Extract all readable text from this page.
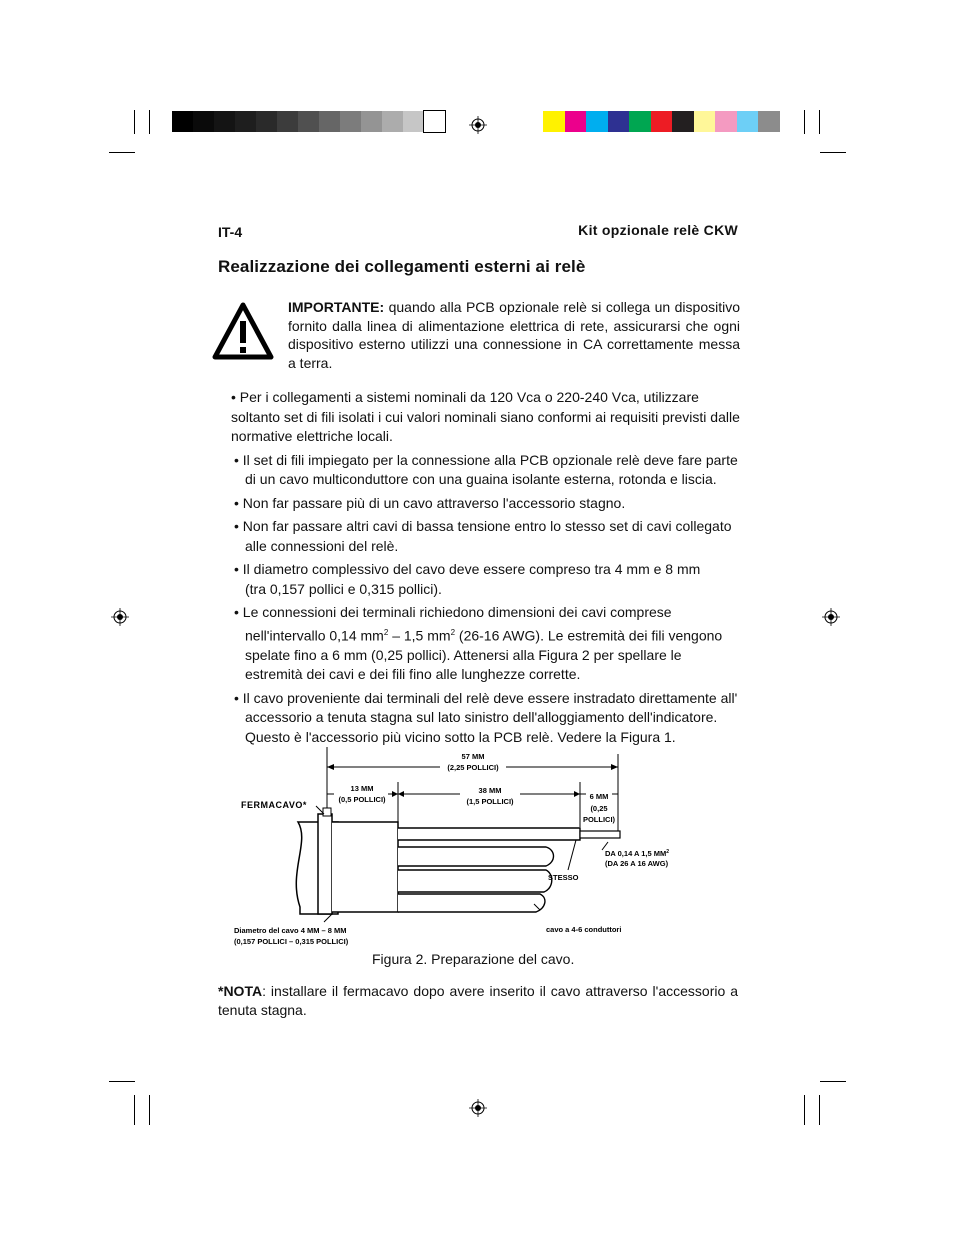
IT-4	Kit opzionale relè CKW
Realizzazione dei collegamenti esterni ai relè
IMPORTANTE: quando alla PCB opzionale relè si collega un dispositivo fornito dalla linea di alimentazione elettrica di rete, assicurarsi che ogni dispositivo esterno utilizzi una connessione in CA correttamente messa a terra.
• Per i collegamenti a sistemi nominali da 120 Vca o 220-240 Vca, utilizzare
soltanto set di fili isolati i cui valori nominali siano conformi ai requisiti previsti dalle normative elettriche locali.
• Il set di fili impiegato per la connessione alla PCB opzionale relè deve fare parte
di un cavo multiconduttore con una guaina isolante esterna, rotonda e liscia.
• Non far passare più di un cavo attraverso l'accessorio stagno.
• Non far passare altri cavi di bassa tensione entro lo stesso set di cavi collegato
alle connessioni del relè.
• Il diametro complessivo del cavo deve essere compreso tra 4 mm e 8 mm
(tra 0,157 pollici e 0,315 pollici).
• Le connessioni dei terminali richiedono dimensioni dei cavi comprese
nell'intervallo 0,14 $mm^2 - 1,5$ $mm^2$ (26-16 AWG). Le estremità dei fili vengono spelate fino a 6 mm (0,25 pollici). Attenersi alla Figura 2 per spellare le estremità dei cavi e dei fili fino alle lunghezze corrette.
• Il cavo proveniente dai terminali del relè deve essere instradato direttamente all'
accessorio a tenuta stagna sul lato sinistro dell'alloggiamento dell'indicatore. Questo è l'accessorio più vicino sotto la PCB relè. Vedere la Figura 1.
57 MM
(2,25 POLLICI)
13 MM
(0,5 POLLICI)
38 MM
(1,5 POLLICI)
6 MM
(0,25
POLLICI)
FERMACAVO*
DA 0,14 A 1,5 $MM^2$
(DA 26 A 16 AWG)
STESSO
Diametro del cavo 4 MM – 8 MM
(0,157 POLLICI – 0,315 POLLICI)
cavo a 4-6 conduttori
Figura 2. Preparazione del cavo.
*NOTA: installare il fermacavo dopo avere inserito il cavo attraverso l'accessorio a tenuta stagna.
